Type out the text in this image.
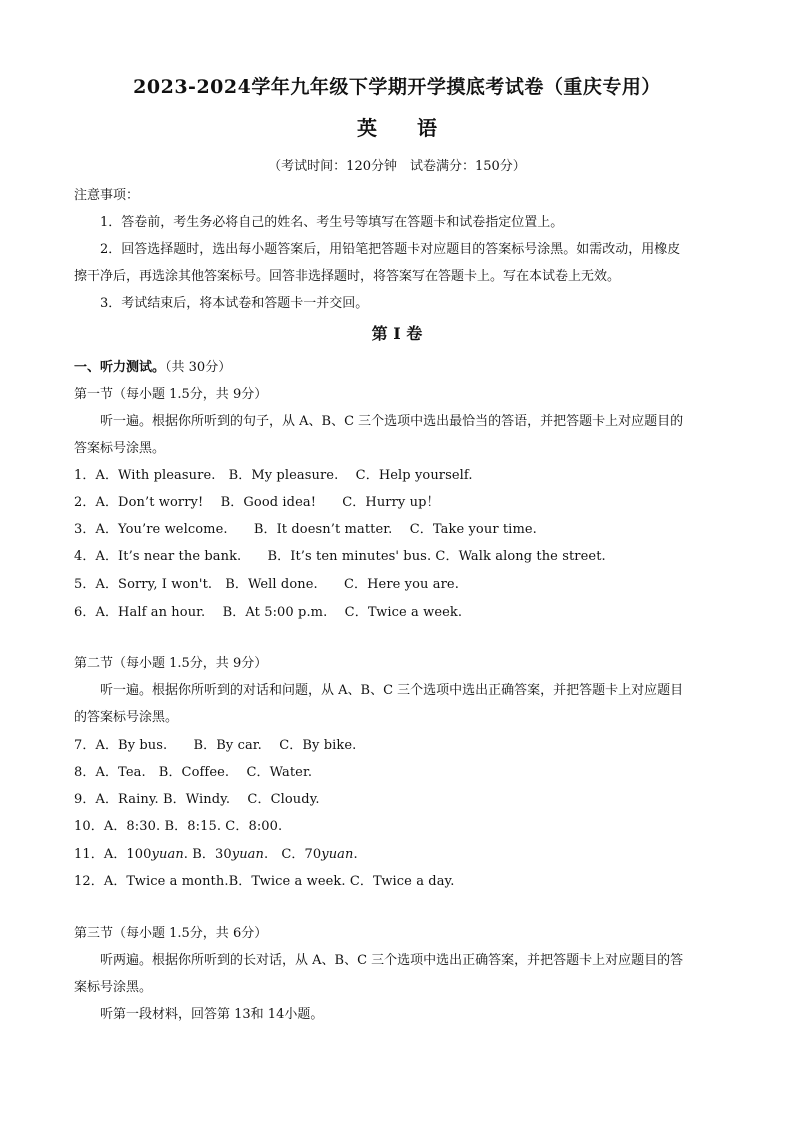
2023-2024学年九年级下学期开学摸底考试卷（重庆专用）
英语
（考试时间：120分钟　试卷满分：150分）
注意事项：
1．答卷前，考生务必将自己的姓名、考生号等填写在答题卡和试卷指定位置上。
2．回答选择题时，选出每小题答案后，用铅笔把答题卡对应题目的答案标号涂黑。如需改动，用橡皮
擦干净后，再选涂其他答案标号。回答非选择题时，将答案写在答题卡上。写在本试卷上无效。
3．考试结束后，将本试卷和答题卡一并交回。
第 I 卷
一、听力测试。（共 30分）
第一节（每小题 1.5分，共 9分）
听一遍。根据你所听到的句子，从 A、B、C 三个选项中选出最恰当的答语，并把答题卡上对应题目的
答案标号涂黑。
1．A．With pleasure.　B．My pleasure.　 C．Help yourself.
2．A．Don’t worry!　 B．Good idea!　　C．Hurry up！
3．A．You’re welcome.　　B．It doesn’t matter.　 C．Take your time.
4．A．It’s near the bank.　　B．It’s ten minutes' bus. C．Walk along the street.
5．A．Sorry, I won't.　B．Well done.　　C．Here you are.
6．A．Half an hour.　 B．At 5:00 p.m.　 C．Twice a week.
第二节（每小题 1.5分，共 9分）
听一遍。根据你所听到的对话和问题，从 A、B、C 三个选项中选出正确答案，并把答题卡上对应题目
的答案标号涂黑。
7．A．By bus.　　B．By car.　 C．By bike.
8．A．Tea.　B．Coffee.　 C．Water.
9．A．Rainy. B．Windy.　 C．Cloudy.
10．A．8:30. B．8:15. C．8:00.
11．A．100yuan. B．30yuan.　C．70yuan.
12．A．Twice a month.B．Twice a week. C．Twice a day.
第三节（每小题 1.5分，共 6分）
听两遍。根据你所听到的长对话，从 A、B、C 三个选项中选出正确答案，并把答题卡上对应题目的答
案标号涂黑。
听第一段材料，回答第 13和 14小题。
